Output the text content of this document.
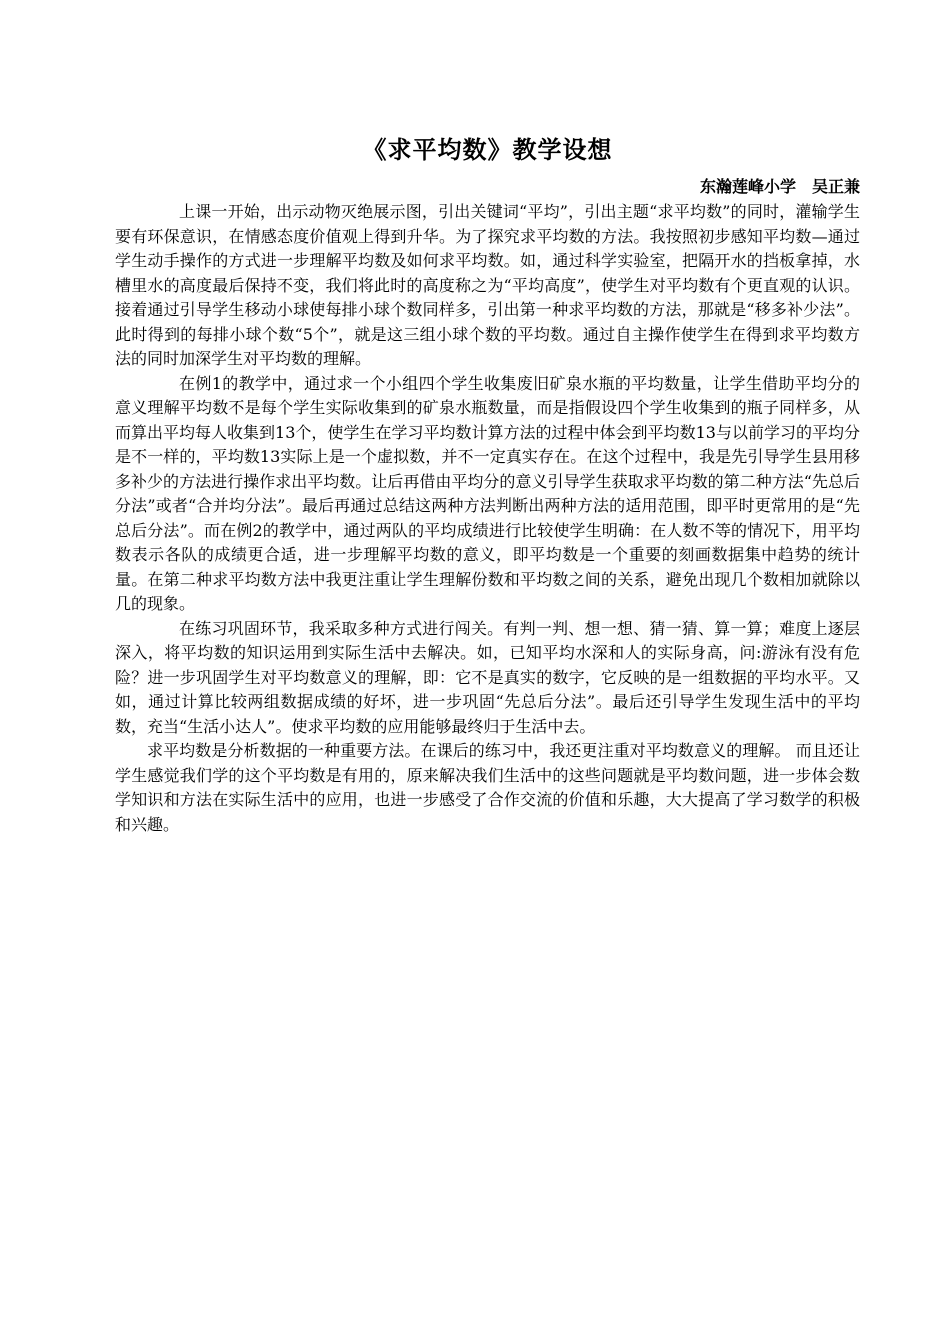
《求平均数》教学设想

东瀚莲峰小学　吴正兼

上课一开始，出示动物灭绝展示图，引出关键词“平均”，引出主题“求平均数”的同时，灌输学生要有环保意识，在情感态度价值观上得到升华。为了探究求平均数的方法。我按照初步感知平均数—通过学生动手操作的方式进一步理解平均数及如何求平均数。如，通过科学实验室，把隔开水的挡板拿掉，水槽里水的高度最后保持不变，我们将此时的高度称之为“平均高度”，使学生对平均数有个更直观的认识。接着通过引导学生移动小球使每排小球个数同样多，引出第一种求平均数的方法，那就是“移多补少法”。此时得到的每排小球个数“5个”，就是这三组小球个数的平均数。通过自主操作使学生在得到求平均数方法的同时加深学生对平均数的理解。

在例1的教学中，通过求一个小组四个学生收集废旧矿泉水瓶的平均数量，让学生借助平均分的意义理解平均数不是每个学生实际收集到的矿泉水瓶数量，而是指假设四个学生收集到的瓶子同样多，从而算出平均每人收集到13个，使学生在学习平均数计算方法的过程中体会到平均数13与以前学习的平均分是不一样的，平均数13实际上是一个虚拟数，并不一定真实存在。在这个过程中，我是先引导学生县用移多补少的方法进行操作求出平均数。让后再借由平均分的意义引导学生获取求平均数的第二种方法“先总后分法”或者“合并均分法”。最后再通过总结这两种方法判断出两种方法的适用范围，即平时更常用的是“先总后分法”。而在例2的教学中，通过两队的平均成绩进行比较使学生明确：在人数不等的情况下，用平均数表示各队的成绩更合适，进一步理解平均数的意义，即平均数是一个重要的刻画数据集中趋势的统计量。在第二种求平均数方法中我更注重让学生理解份数和平均数之间的关系，避免出现几个数相加就除以几的现象。

在练习巩固环节，我采取多种方式进行闯关。有判一判、想一想、猜一猜、算一算；难度上逐层深入，将平均数的知识运用到实际生活中去解决。如，已知平均水深和人的实际身高，问:游泳有没有危险？进一步巩固学生对平均数意义的理解，即：它不是真实的数字，它反映的是一组数据的平均水平。又如，通过计算比较两组数据成绩的好坏，进一步巩固“先总后分法”。最后还引导学生发现生活中的平均数，充当“生活小达人”。使求平均数的应用能够最终归于生活中去。

求平均数是分析数据的一种重要方法。在课后的练习中，我还更注重对平均数意义的理解。 而且还让学生感觉我们学的这个平均数是有用的，原来解决我们生活中的这些问题就是平均数问题，进一步体会数学知识和方法在实际生活中的应用，也进一步感受了合作交流的价值和乐趣，大大提高了学习数学的积极和兴趣。
